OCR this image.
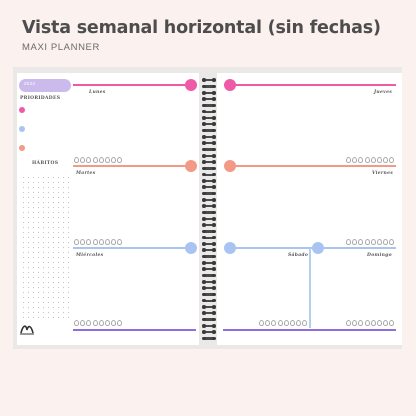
Vista semanal horizontal (sin fechas)
MAXI PLANNER
2024
PRIORIDADES
HÁBITOS
Lunes
Martes
Miércoles
Jueves
Viernes
Sábado	Domingo
